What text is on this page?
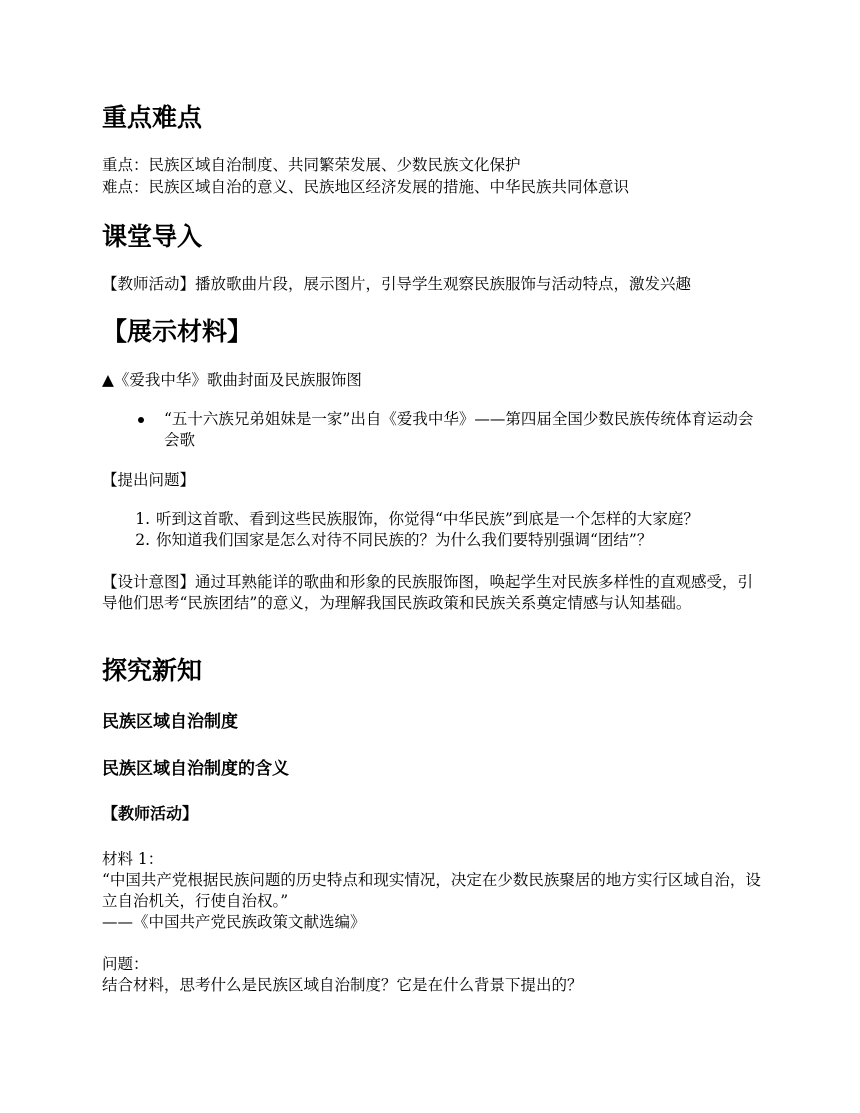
重点难点

重点：民族区域自治制度、共同繁荣发展、少数民族文化保护

难点：民族区域自治的意义、民族地区经济发展的措施、中华民族共同体意识

课堂导入

【教师活动】播放歌曲片段，展示图片，引导学生观察民族服饰与活动特点，激发兴趣

【展示材料】

▲《爱我中华》歌曲封面及民族服饰图

“五十六族兄弟姐妹是一家”出自《爱我中华》——第四届全国少数民族传统体育运动会会歌

【提出问题】

1. 听到这首歌、看到这些民族服饰，你觉得“中华民族”到底是一个怎样的大家庭？
2. 你知道我们国家是怎么对待不同民族的？为什么我们要特别强调“团结”？

【设计意图】通过耳熟能详的歌曲和形象的民族服饰图，唤起学生对民族多样性的直观感受，引导他们思考“民族团结”的意义，为理解我国民族政策和民族关系奠定情感与认知基础。

探究新知
民族区域自治制度
民族区域自治制度的含义
【教师活动】

材料 1：

“中国共产党根据民族问题的历史特点和现实情况，决定在少数民族聚居的地方实行区域自治，设立自治机关，行使自治权。”

——《中国共产党民族政策文献选编》

问题：

结合材料，思考什么是民族区域自治制度？它是在什么背景下提出的？
